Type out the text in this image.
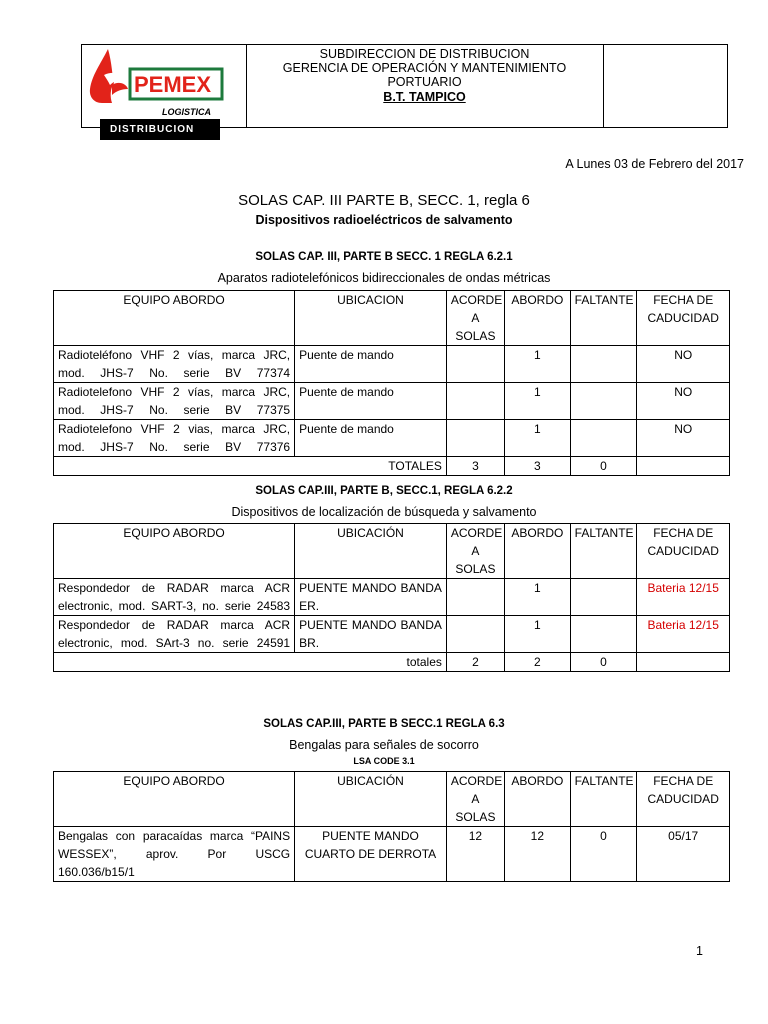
PEMEX
LOGISTICA
SUBDIRECCION DE DISTRIBUCION
GERENCIA DE OPERACIÓN Y MANTENIMIENTO
PORTUARIO
B.T. TAMPICO
DISTRIBUCION
A Lunes 03 de Febrero del 2017
SOLAS CAP. III PARTE B, SECC. 1, regla 6
Dispositivos radioeléctricos de salvamento
SOLAS CAP. III, PARTE B SECC. 1 REGLA 6.2.1
Aparatos radiotelefónicos bidireccionales de ondas métricas
EQUIPO ABORDO	UBICACION	ACORDE A SOLAS	ABORDO	FALTANTE	FECHA DE CADUCIDAD
Radioteléfono VHF 2 vías, marca JRC, mod. JHS-7 No. serie BV 77374	Puente de mando		1		NO
Radiotelefono VHF 2 vías, marca JRC, mod. JHS-7 No. serie BV 77375	Puente de mando		1		NO
Radiotelefono VHF 2 vias, marca JRC, mod. JHS-7 No. serie BV 77376	Puente de mando		1		NO
TOTALES		3	3	0	
SOLAS CAP.III, PARTE B, SECC.1, REGLA 6.2.2
Dispositivos de localización de búsqueda y salvamento
EQUIPO ABORDO	UBICACIÓN	ACORDE A SOLAS	ABORDO	FALTANTE	FECHA DE CADUCIDAD
Respondedor de RADAR marca ACR electronic, mod. SART-3, no. serie 24583	PUENTE MANDO BANDA ER.		1		Bateria 12/15
Respondedor de RADAR marca ACR electronic, mod. SArt-3 no. serie 24591	PUENTE MANDO BANDA BR.		1		Bateria 12/15
totales		2	2	0	
SOLAS CAP.III, PARTE B SECC.1 REGLA 6.3
Bengalas para señales de socorro
LSA CODE 3.1
EQUIPO ABORDO	UBICACIÓN	ACORDE A SOLAS	ABORDO	FALTANTE	FECHA DE CADUCIDAD
Bengalas con paracaídas marca “PAINS WESSEX”, aprov. Por USCG 160.036/b15/1	PUENTE MANDO CUARTO DE DERROTA	12	12	0	05/17
1
